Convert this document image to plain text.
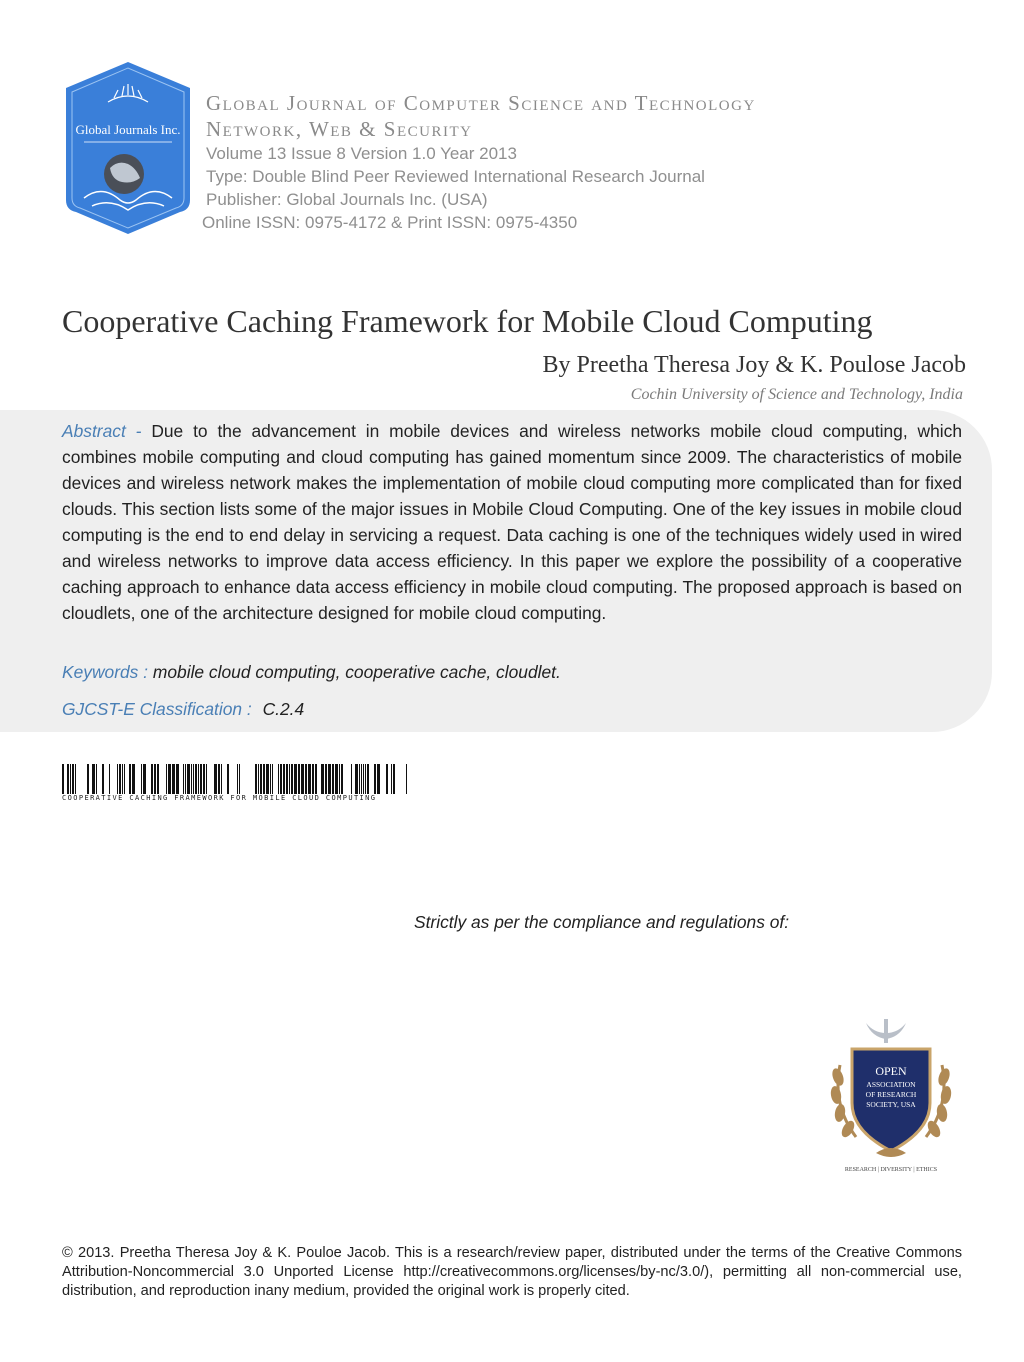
Global Journals Inc.
Global Journal of Computer Science and Technology
Network, Web & Security
Volume 13 Issue 8 Version 1.0 Year 2013
Type: Double Blind Peer Reviewed International Research Journal
Publisher: Global Journals Inc. (USA)
Online ISSN: 0975-4172 & Print ISSN: 0975-4350
Cooperative Caching Framework for Mobile Cloud Computing
By Preetha Theresa Joy & K. Poulose Jacob
Cochin University of Science and Technology, India
Abstract - Due to the advancement in mobile devices and wireless networks mobile cloud computing, which combines mobile computing and cloud computing has gained momentum since 2009. The characteristics of mobile devices and wireless network makes the implementation of mobile cloud computing more complicated than for fixed clouds. This section lists some of the major issues in Mobile Cloud Computing. One of the key issues in mobile cloud computing is the end to end delay in servicing a request. Data caching is one of the techniques widely used in wired and wireless networks to improve data access efficiency. In this paper we explore the possibility of a cooperative caching approach to enhance data access efficiency in mobile cloud computing. The proposed approach is based on cloudlets, one of the architecture designed for mobile cloud computing.
Keywords : mobile cloud computing, cooperative cache, cloudlet.
GJCST-E Classification : C.2.4
COOPERATIVE CACHING FRAMEWORK FOR MOBILE CLOUD COMPUTING
Strictly as per the compliance and regulations of:
OPEN
ASSOCIATION
OF RESEARCH
SOCIETY, USA
RESEARCH | DIVERSITY | ETHICS
© 2013. Preetha Theresa Joy & K. Pouloe Jacob. This is a research/review paper, distributed under the terms of the Creative Commons Attribution-Noncommercial 3.0 Unported License http://creativecommons.org/licenses/by-nc/3.0/), permitting all non-commercial use, distribution, and reproduction inany medium, provided the original work is properly cited.
